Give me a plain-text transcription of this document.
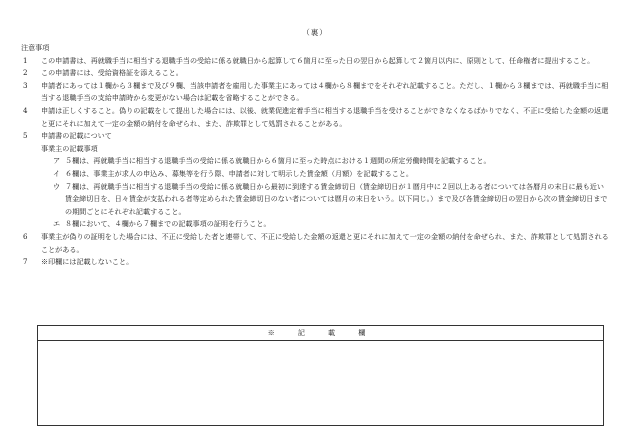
（裏）
注意事項
1 この申請書は、再就職手当に相当する退職手当の受給に係る就職日から起算して６箇月に至った日の翌日から起算して２箇月以内に、原則として、任命権者に提出すること。
2 この申請書には、受給資格証を添えること。
3 申請者にあっては１欄から３欄まで及び９欄、当該申請者を雇用した事業主にあっては４欄から８欄までをそれぞれ記載すること。ただし、１欄から３欄までは、再就職手当に相当する退職手当の支給申請時から変更がない場合は記載を省略することができる。
4 申請は正しくすること。偽りの記載をして提出した場合には、以後、就業促進定着手当に相当する退職手当を受けることができなくなるばかりでなく、不正に受給した金額の返還と更にそれに加えて一定の金額の納付を命ぜられ、また、詐欺罪として処罰されることがある。
5 申請書の記載について
事業主の記載事項
ア ５欄は、再就職手当に相当する退職手当の受給に係る就職日から６箇月に至った時点における１週間の所定労働時間を記載すること。
イ ６欄は、事業主が求人の申込み、募集等を行う際、申請者に対して明示した賃金額（月額）を記載すること。
ウ ７欄は、再就職手当に相当する退職手当の受給に係る就職日から最初に到達する賃金締切日（賃金締切日が１暦月中に２回以上ある者については各暦月の末日に最も近い賃金締切日を、日々賃金が支払われる者等定められた賃金締切日のない者については暦月の末日をいう。以下同じ。）まで及び各賃金締切日の翌日から次の賃金締切日までの期間ごとにそれぞれ記載すること。
エ ８欄において、４欄から７欄までの記載事項の証明を行うこと。
6 事業主が偽りの証明をした場合には、不正に受給した者と連帯して、不正に受給した金額の返還と更にそれに加えて一定の金額の納付を命ぜられ、また、詐欺罪として処罰されることがある。
7 ※印欄には記載しないこと。
※　記　載　欄
